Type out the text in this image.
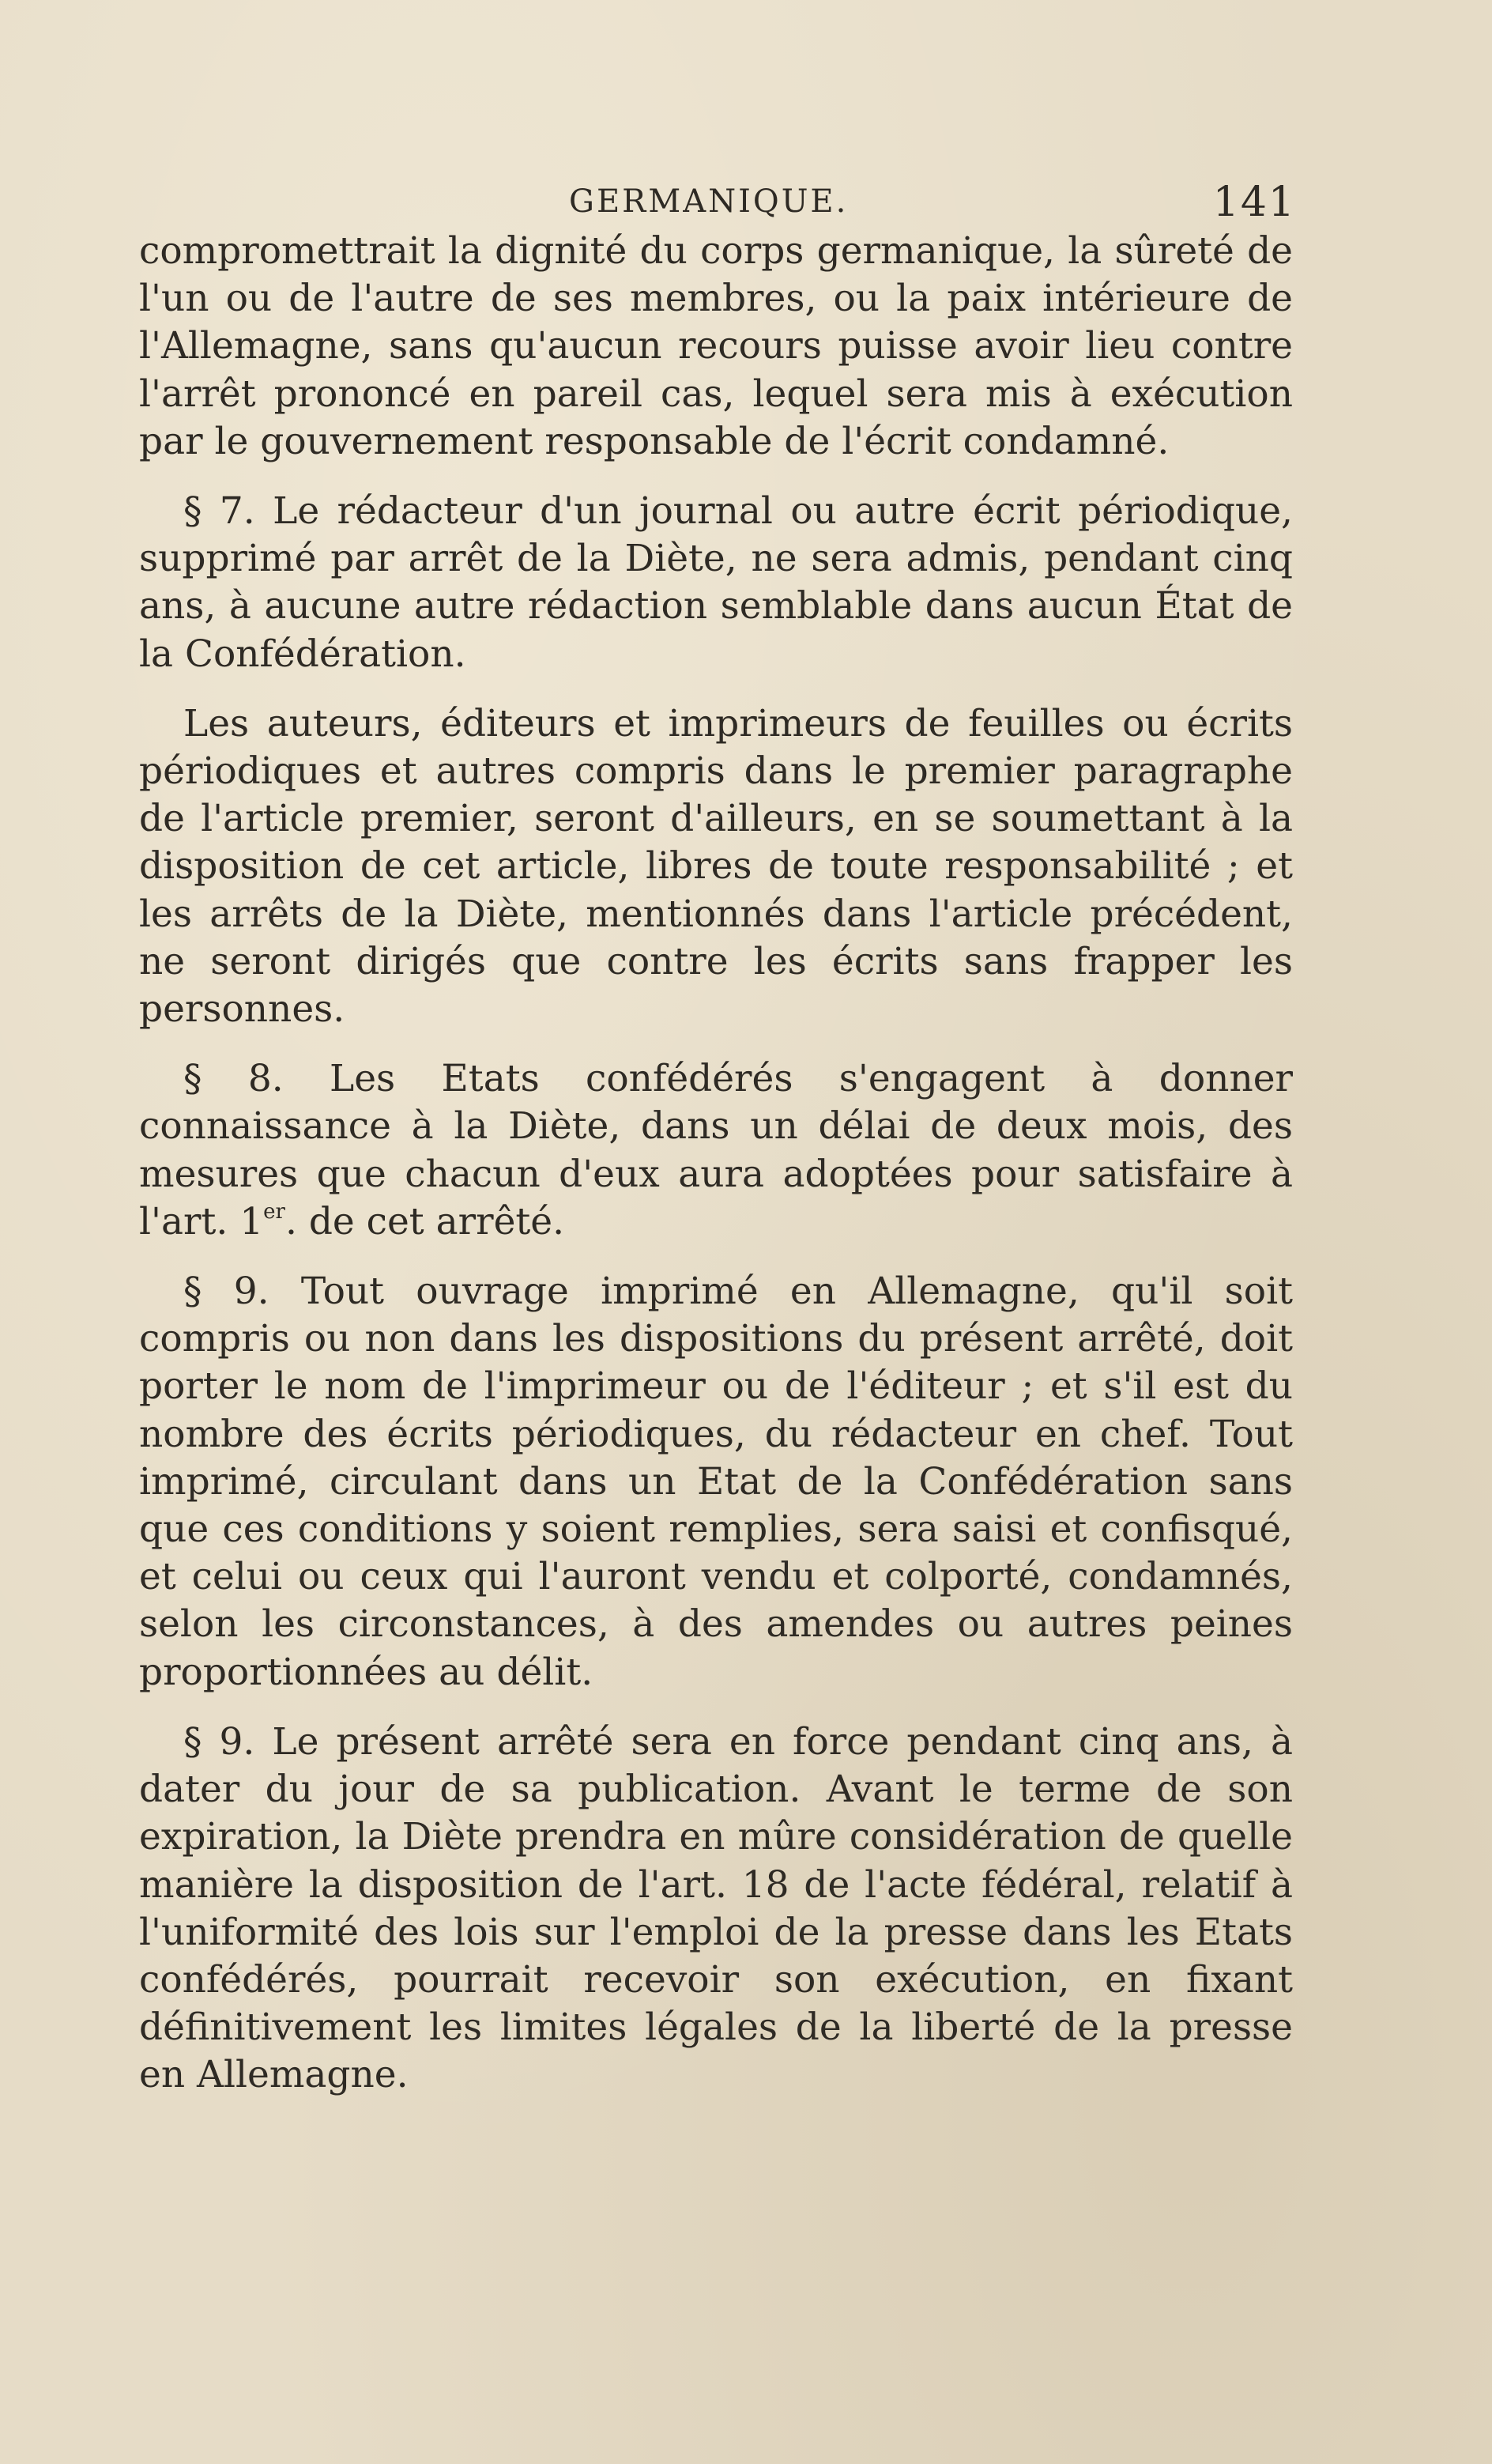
GERMANIQUE.	141

compromettrait la dignité du corps germanique, la sûreté de l'un ou de l'autre de ses membres, ou la paix intérieure de l'Allemagne, sans qu'aucun recours puisse avoir lieu contre l'arrêt prononcé en pareil cas, lequel sera mis à exécution par le gouvernement responsable de l'écrit condamné.

§ 7. Le rédacteur d'un journal ou autre écrit périodique, supprimé par arrêt de la Diète, ne sera admis, pendant cinq ans, à aucune autre rédaction semblable dans aucun État de la Confédération.

Les auteurs, éditeurs et imprimeurs de feuilles ou écrits périodiques et autres compris dans le premier paragraphe de l'article premier, seront d'ailleurs, en se soumettant à la disposition de cet article, libres de toute responsabilité ; et les arrêts de la Diète, mentionnés dans l'article précédent, ne seront dirigés que contre les écrits sans frapper les personnes.

§ 8. Les Etats confédérés s'engagent à donner connaissance à la Diète, dans un délai de deux mois, des mesures que chacun d'eux aura adoptées pour satisfaire à l'art. 1er. de cet arrêté.

§ 9. Tout ouvrage imprimé en Allemagne, qu'il soit compris ou non dans les dispositions du présent arrêté, doit porter le nom de l'imprimeur ou de l'éditeur ; et s'il est du nombre des écrits périodiques, du rédacteur en chef. Tout imprimé, circulant dans un Etat de la Confédération sans que ces conditions y soient remplies, sera saisi et confisqué, et celui ou ceux qui l'auront vendu et colporté, condamnés, selon les circonstances, à des amendes ou autres peines proportionnées au délit.

§ 9. Le présent arrêté sera en force pendant cinq ans, à dater du jour de sa publication. Avant le terme de son expiration, la Diète prendra en mûre considération de quelle manière la disposition de l'art. 18 de l'acte fédéral, relatif à l'uniformité des lois sur l'emploi de la presse dans les Etats confédérés, pourrait recevoir son exécution, en fixant définitivement les limites légales de la liberté de la presse en Allemagne.
